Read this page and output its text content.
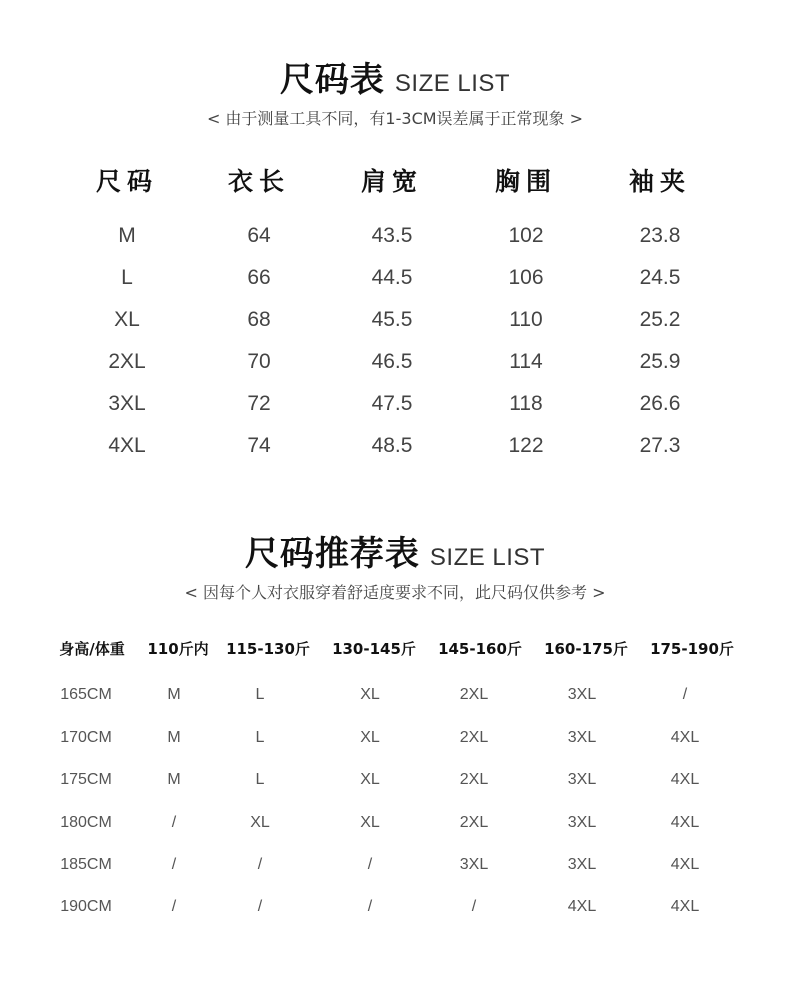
尺码表 SIZE LIST
< 由于测量工具不同，有1-3CM误差属于正常现象 >
尺码	衣长	肩宽	胸围	袖夹
M	64	43.5	102	23.8
L	66	44.5	106	24.5
XL	68	45.5	110	25.2
2XL	70	46.5	114	25.9
3XL	72	47.5	118	26.6
4XL	74	48.5	122	27.3
尺码推荐表 SIZE LIST
< 因每个人对衣服穿着舒适度要求不同，此尺码仅供参考 >
身高/体重	110斤内	115-130斤	130-145斤	145-160斤	160-175斤	175-190斤
165CM	M	L	XL	2XL	3XL	/
170CM	M	L	XL	2XL	3XL	4XL
175CM	M	L	XL	2XL	3XL	4XL
180CM	/	XL	XL	2XL	3XL	4XL
185CM	/	/	/	3XL	3XL	4XL
190CM	/	/	/	/	4XL	4XL
